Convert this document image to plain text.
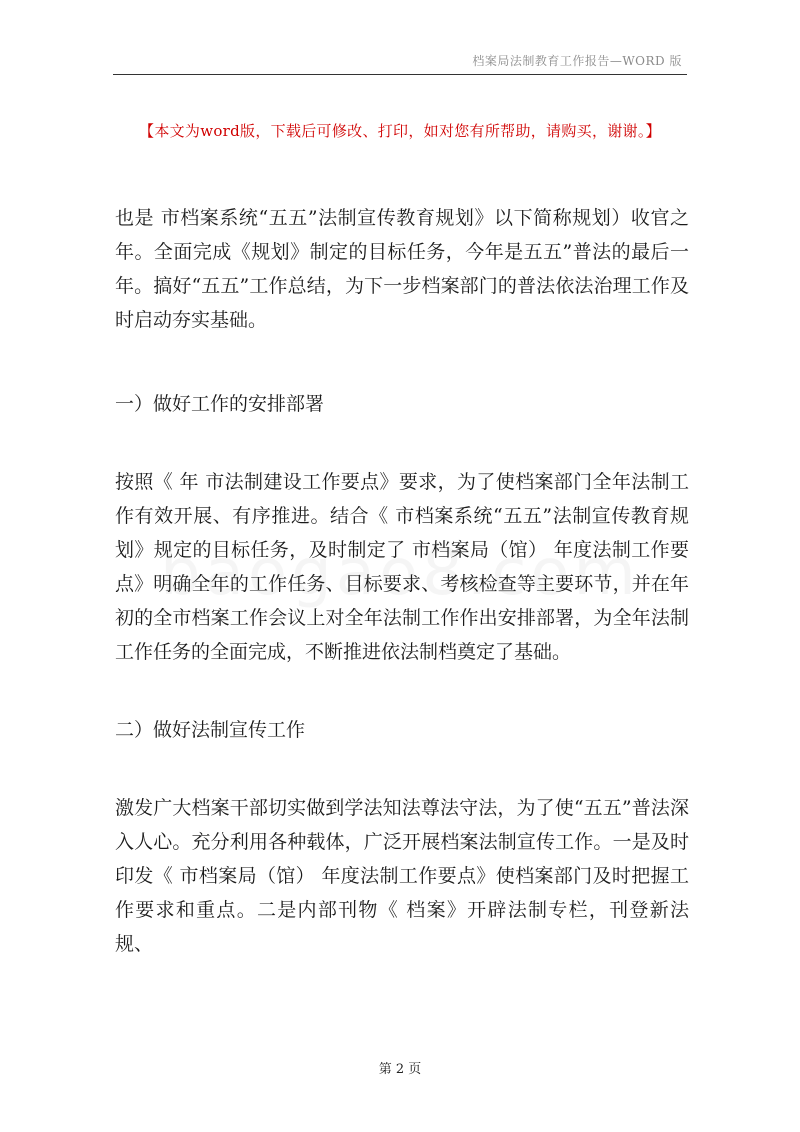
档案局法制教育工作报告—WORD 版
【本文为word版，下载后可修改、打印，如对您有所帮助，请购买，谢谢。】

也是 市档案系统“五五”法制宣传教育规划》以下简称规划）收官之年。全面完成《规划》制定的目标任务，今年是五五”普法的最后一年。搞好“五五”工作总结，为下一步档案部门的普法依法治理工作及时启动夯实基础。

一）做好工作的安排部署

按照《 年 市法制建设工作要点》要求，为了使档案部门全年法制工作有效开展、有序推进。结合《 市档案系统“五五”法制宣传教育规划》规定的目标任务，及时制定了 市档案局（馆） 年度法制工作要点》明确全年的工作任务、目标要求、考核检查等主要环节，并在年初的全市档案工作会议上对全年法制工作作出安排部署，为全年法制工作任务的全面完成，不断推进依法制档奠定了基础。

二）做好法制宣传工作

激发广大档案干部切实做到学法知法尊法守法，为了使“五五”普法深入人心。充分利用各种载体，广泛开展档案法制宣传工作。一是及时印发《 市档案局（馆） 年度法制工作要点》使档案部门及时把握工作要求和重点。二是内部刊物《 档案》开辟法制专栏，刊登新法规、

第 2 页
